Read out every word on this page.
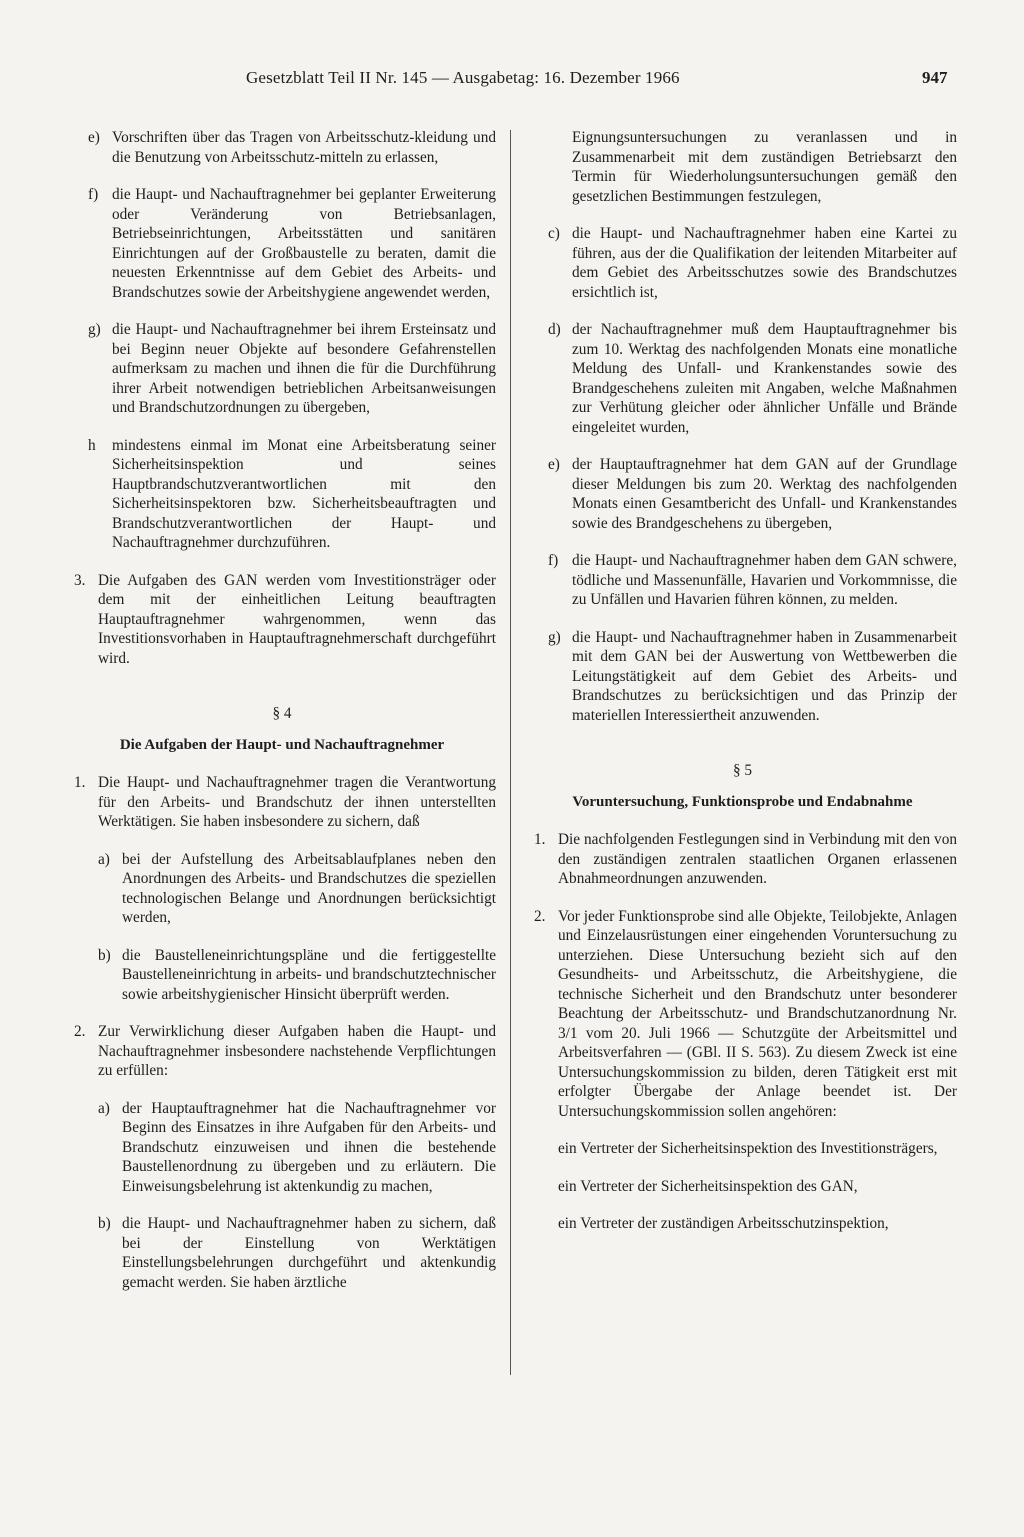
Gesetzblatt Teil II Nr. 145 — Ausgabetag: 16. Dezember 1966	947
e) Vorschriften über das Tragen von Arbeitsschutz-kleidung und die Benutzung von Arbeitsschutz-mitteln zu erlassen,
f) die Haupt- und Nachauftragnehmer bei geplanter Erweiterung oder Veränderung von Betriebsanlagen, Betriebseinrichtungen, Arbeitsstätten und sanitären Einrichtungen auf der Großbaustelle zu beraten, damit die neuesten Erkenntnisse auf dem Gebiet des Arbeits- und Brandschutzes sowie der Arbeitshygiene angewendet werden,
g) die Haupt- und Nachauftragnehmer bei ihrem Ersteinsatz und bei Beginn neuer Objekte auf besondere Gefahrenstellen aufmerksam zu machen und ihnen die für die Durchführung ihrer Arbeit notwendigen betrieblichen Arbeitsanweisungen und Brandschutzordnungen zu übergeben,
h mindestens einmal im Monat eine Arbeitsberatung seiner Sicherheitsinspektion und seines Hauptbrandschutzverantwortlichen mit den Sicherheitsinspektoren bzw. Sicherheitsbeauftragten und Brandschutzverantwortlichen der Haupt- und Nachauftragnehmer durchzuführen.
3. Die Aufgaben des GAN werden vom Investitionsträger oder dem mit der einheitlichen Leitung beauftragten Hauptauftragnehmer wahrgenommen, wenn das Investitionsvorhaben in Hauptauftragnehmerschaft durchgeführt wird.
§ 4
Die Aufgaben der Haupt- und Nachauftragnehmer
1. Die Haupt- und Nachauftragnehmer tragen die Verantwortung für den Arbeits- und Brandschutz der ihnen unterstellten Werktätigen. Sie haben insbesondere zu sichern, daß
a) bei der Aufstellung des Arbeitsablaufplanes neben den Anordnungen des Arbeits- und Brandschutzes die speziellen technologischen Belange und Anordnungen berücksichtigt werden,
b) die Baustelleneinrichtungspläne und die fertiggestellte Baustelleneinrichtung in arbeits- und brandschutztechnischer sowie arbeitshygienischer Hinsicht überprüft werden.
2. Zur Verwirklichung dieser Aufgaben haben die Haupt- und Nachauftragnehmer insbesondere nachstehende Verpflichtungen zu erfüllen:
a) der Hauptauftragnehmer hat die Nachauftragnehmer vor Beginn des Einsatzes in ihre Aufgaben für den Arbeits- und Brandschutz einzuweisen und ihnen die bestehende Baustellenordnung zu übergeben und zu erläutern. Die Einweisungsbelehrung ist aktenkundig zu machen,
b) die Haupt- und Nachauftragnehmer haben zu sichern, daß bei der Einstellung von Werktätigen Einstellungsbelehrungen durchgeführt und aktenkundig gemacht werden. Sie haben ärztliche

Eignungsuntersuchungen zu veranlassen und in Zusammenarbeit mit dem zuständigen Betriebsarzt den Termin für Wiederholungsuntersuchungen gemäß den gesetzlichen Bestimmungen festzulegen,

c) die Haupt- und Nachauftragnehmer haben eine Kartei zu führen, aus der die Qualifikation der leitenden Mitarbeiter auf dem Gebiet des Arbeitsschutzes sowie des Brandschutzes ersichtlich ist,
d) der Nachauftragnehmer muß dem Hauptauftragnehmer bis zum 10. Werktag des nachfolgenden Monats eine monatliche Meldung des Unfall- und Krankenstandes sowie des Brandgeschehens zuleiten mit Angaben, welche Maßnahmen zur Verhütung gleicher oder ähnlicher Unfälle und Brände eingeleitet wurden,
e) der Hauptauftragnehmer hat dem GAN auf der Grundlage dieser Meldungen bis zum 20. Werktag des nachfolgenden Monats einen Gesamtbericht des Unfall- und Krankenstandes sowie des Brandgeschehens zu übergeben,
f) die Haupt- und Nachauftragnehmer haben dem GAN schwere, tödliche und Massenunfälle, Havarien und Vorkommnisse, die zu Unfällen und Havarien führen können, zu melden.
g) die Haupt- und Nachauftragnehmer haben in Zusammenarbeit mit dem GAN bei der Auswertung von Wettbewerben die Leitungstätigkeit auf dem Gebiet des Arbeits- und Brandschutzes zu berücksichtigen und das Prinzip der materiellen Interessiertheit anzuwenden.
§ 5
Voruntersuchung, Funktionsprobe und Endabnahme
1. Die nachfolgenden Festlegungen sind in Verbindung mit den von den zuständigen zentralen staatlichen Organen erlassenen Abnahmeordnungen anzuwenden.
2. Vor jeder Funktionsprobe sind alle Objekte, Teilobjekte, Anlagen und Einzelausrüstungen einer eingehenden Voruntersuchung zu unterziehen. Diese Untersuchung bezieht sich auf den Gesundheits- und Arbeitsschutz, die Arbeitshygiene, die technische Sicherheit und den Brandschutz unter besonderer Beachtung der Arbeitsschutz- und Brandschutzanordnung Nr. 3/1 vom 20. Juli 1966 — Schutzgüte der Arbeitsmittel und Arbeitsverfahren — (GBl. II S. 563). Zu diesem Zweck ist eine Untersuchungskommission zu bilden, deren Tätigkeit erst mit erfolgter Übergabe der Anlage beendet ist. Der Untersuchungskommission sollen angehören:

ein Vertreter der Sicherheitsinspektion des Investitionsträgers,

ein Vertreter der Sicherheitsinspektion des GAN,

ein Vertreter der zuständigen Arbeitsschutzinspektion,
